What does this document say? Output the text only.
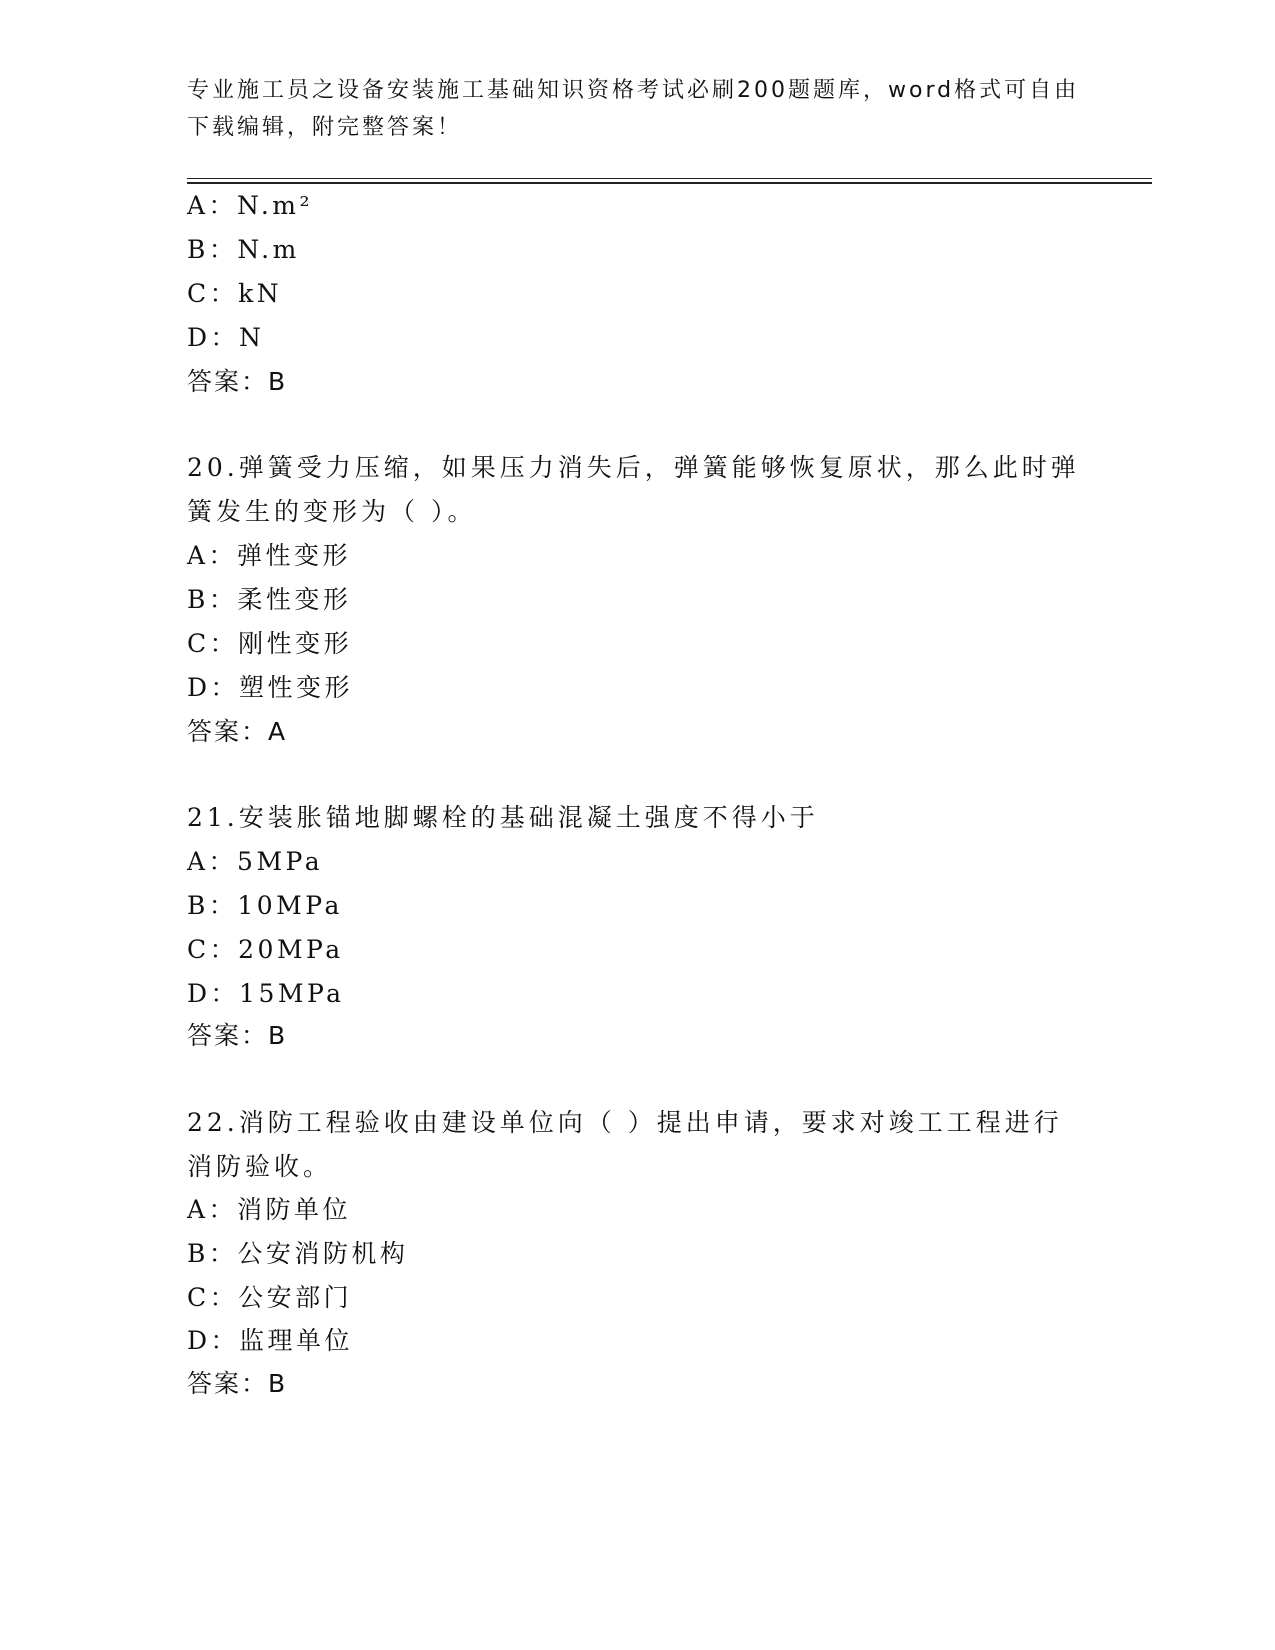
专业施工员之设备安装施工基础知识资格考试必刷200题题库，word格式可自由
下载编辑，附完整答案！
A：N.m²
B：N.m
C：kN
D：N
答案：B
20.弹簧受力压缩，如果压力消失后，弹簧能够恢复原状，那么此时弹
簧发生的变形为（ ）。
A：弹性变形
B：柔性变形
C：刚性变形
D：塑性变形
答案：A
21.安装胀锚地脚螺栓的基础混凝土强度不得小于
A：5MPa
B：10MPa
C：20MPa
D：15MPa
答案：B
22.消防工程验收由建设单位向（ ）提出申请，要求对竣工工程进行
消防验收。
A：消防单位
B：公安消防机构
C：公安部门
D：监理单位
答案：B
